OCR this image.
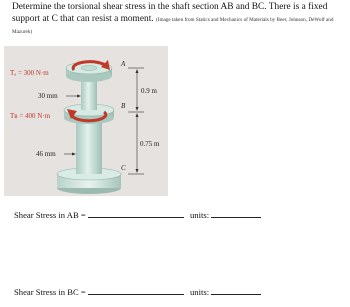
Determine the torsional shear stress in the shaft section AB and BC. There is a fixed support at C that can resist a moment. (Image taken from Statics and Mechanics of Materials by Beer, Johnson, DeWolf and Mazurek)
Tₐ = 300 N·m
30 mm
Tʙ = 400 N·m
46 mm
A
B
C
0.9 m
0.75 m
Shear Stress in AB =	units:
Shear Stress in BC =	units:
